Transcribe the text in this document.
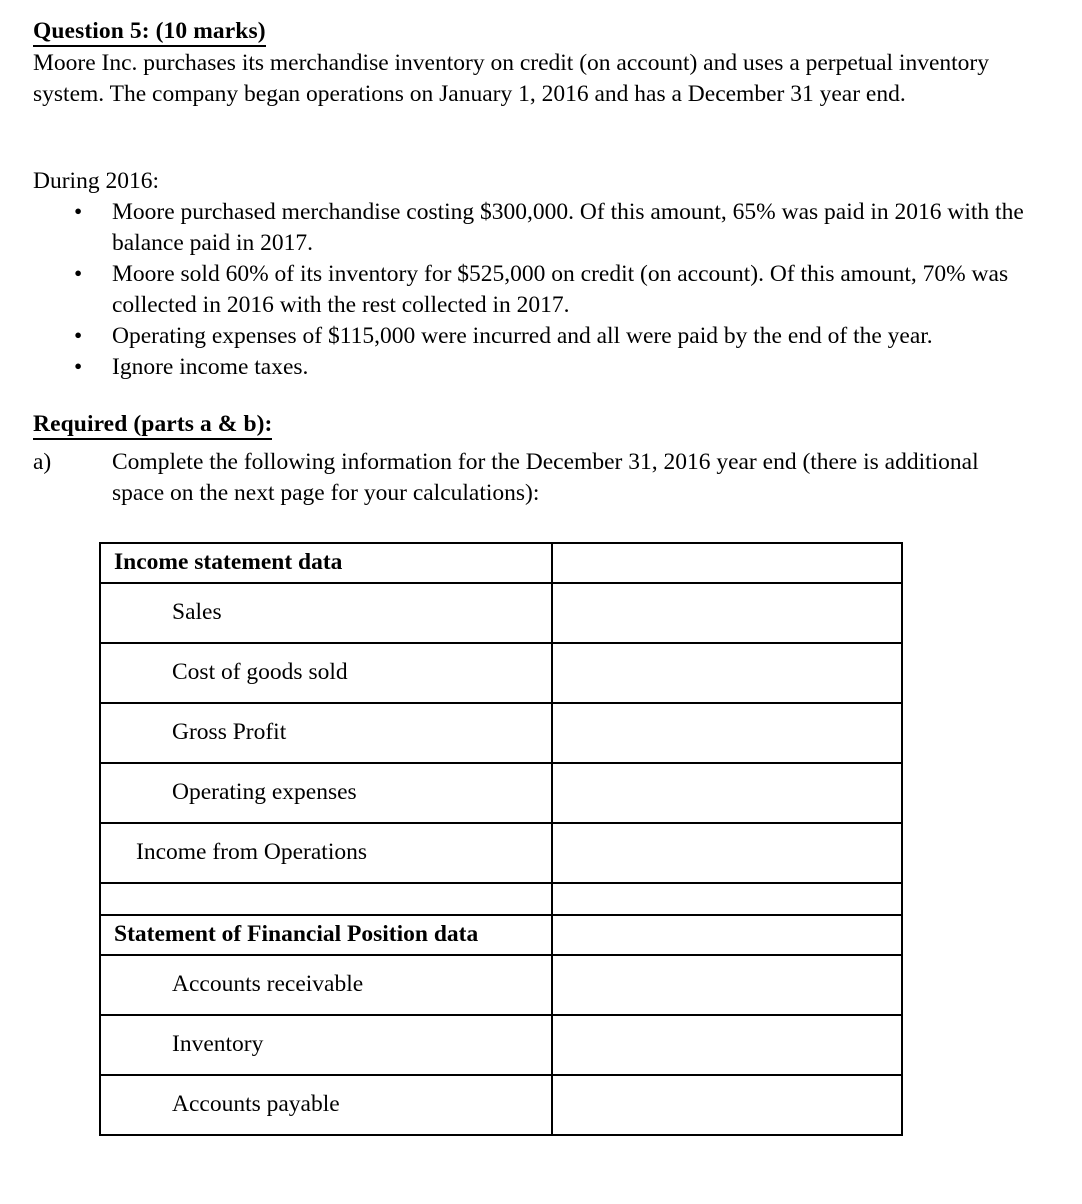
Question 5: (10 marks)
Moore Inc. purchases its merchandise inventory on credit (on account) and uses a perpetual inventory system. The company began operations on January 1, 2016 and has a December 31 year end.
During 2016:
• Moore purchased merchandise costing $300,000. Of this amount, 65% was paid in 2016 with the balance paid in 2017.
• Moore sold 60% of its inventory for $525,000 on credit (on account). Of this amount, 70% was collected in 2016 with the rest collected in 2017.
• Operating expenses of $115,000 were incurred and all were paid by the end of the year.
• Ignore income taxes.
Required (parts a & b):
a)	Complete the following information for the December 31, 2016 year end (there is additional space on the next page for your calculations):
Income statement data	

Sales	

Cost of goods sold	

Gross Profit	

Operating expenses	

Income from Operations	

Statement of Financial Position data	

Accounts receivable	

Inventory	

Accounts payable	
